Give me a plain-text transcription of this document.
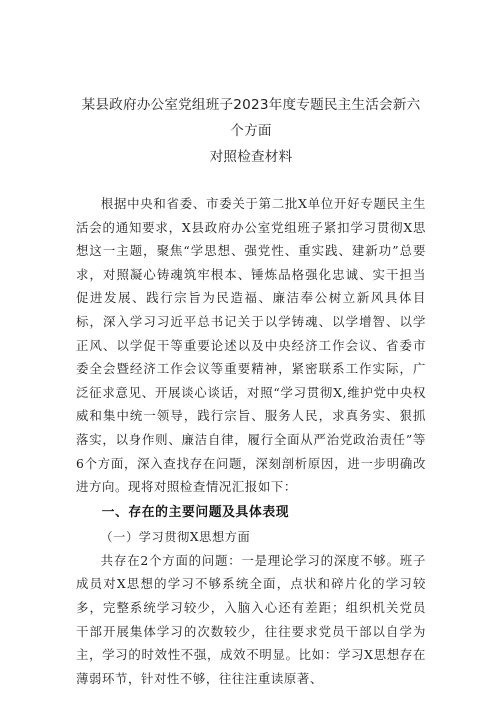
某县政府办公室党组班子2023年度专题民主生活会新六个方面
对照检查材料

根据中央和省委、市委关于第二批X单位开好专题民主生活会的通知要求，X县政府办公室党组班子紧扣学习贯彻X思想这一主题，聚焦“学思想、强党性、重实践、建新功”总要求，对照凝心铸魂筑牢根本、锤炼品格强化忠诚、实干担当促进发展、践行宗旨为民造福、廉洁奉公树立新风具体目标，深入学习习近平总书记关于以学铸魂、以学增智、以学正风、以学促干等重要论述以及中央经济工作会议、省委市委全会暨经济工作会议等重要精神，紧密联系工作实际，广泛征求意见、开展谈心谈话，对照“学习贯彻X,维护党中央权威和集中统一领导，践行宗旨、服务人民，求真务实、狠抓落实，以身作则、廉洁自律，履行全面从严治党政治责任”等6个方面，深入查找存在问题，深刻剖析原因，进一步明确改进方向。现将对照检查情况汇报如下：

一、存在的主要问题及具体表现

（一）学习贯彻X思想方面

共存在2个方面的问题：一是理论学习的深度不够。班子成员对X思想的学习不够系统全面，点状和碎片化的学习较多，完整系统学习较少，入脑入心还有差距；组织机关党员干部开展集体学习的次数较少，往往要求党员干部以自学为主，学习的时效性不强，成效不明显。比如：学习X思想存在薄弱环节，针对性不够，往往注重读原著、
